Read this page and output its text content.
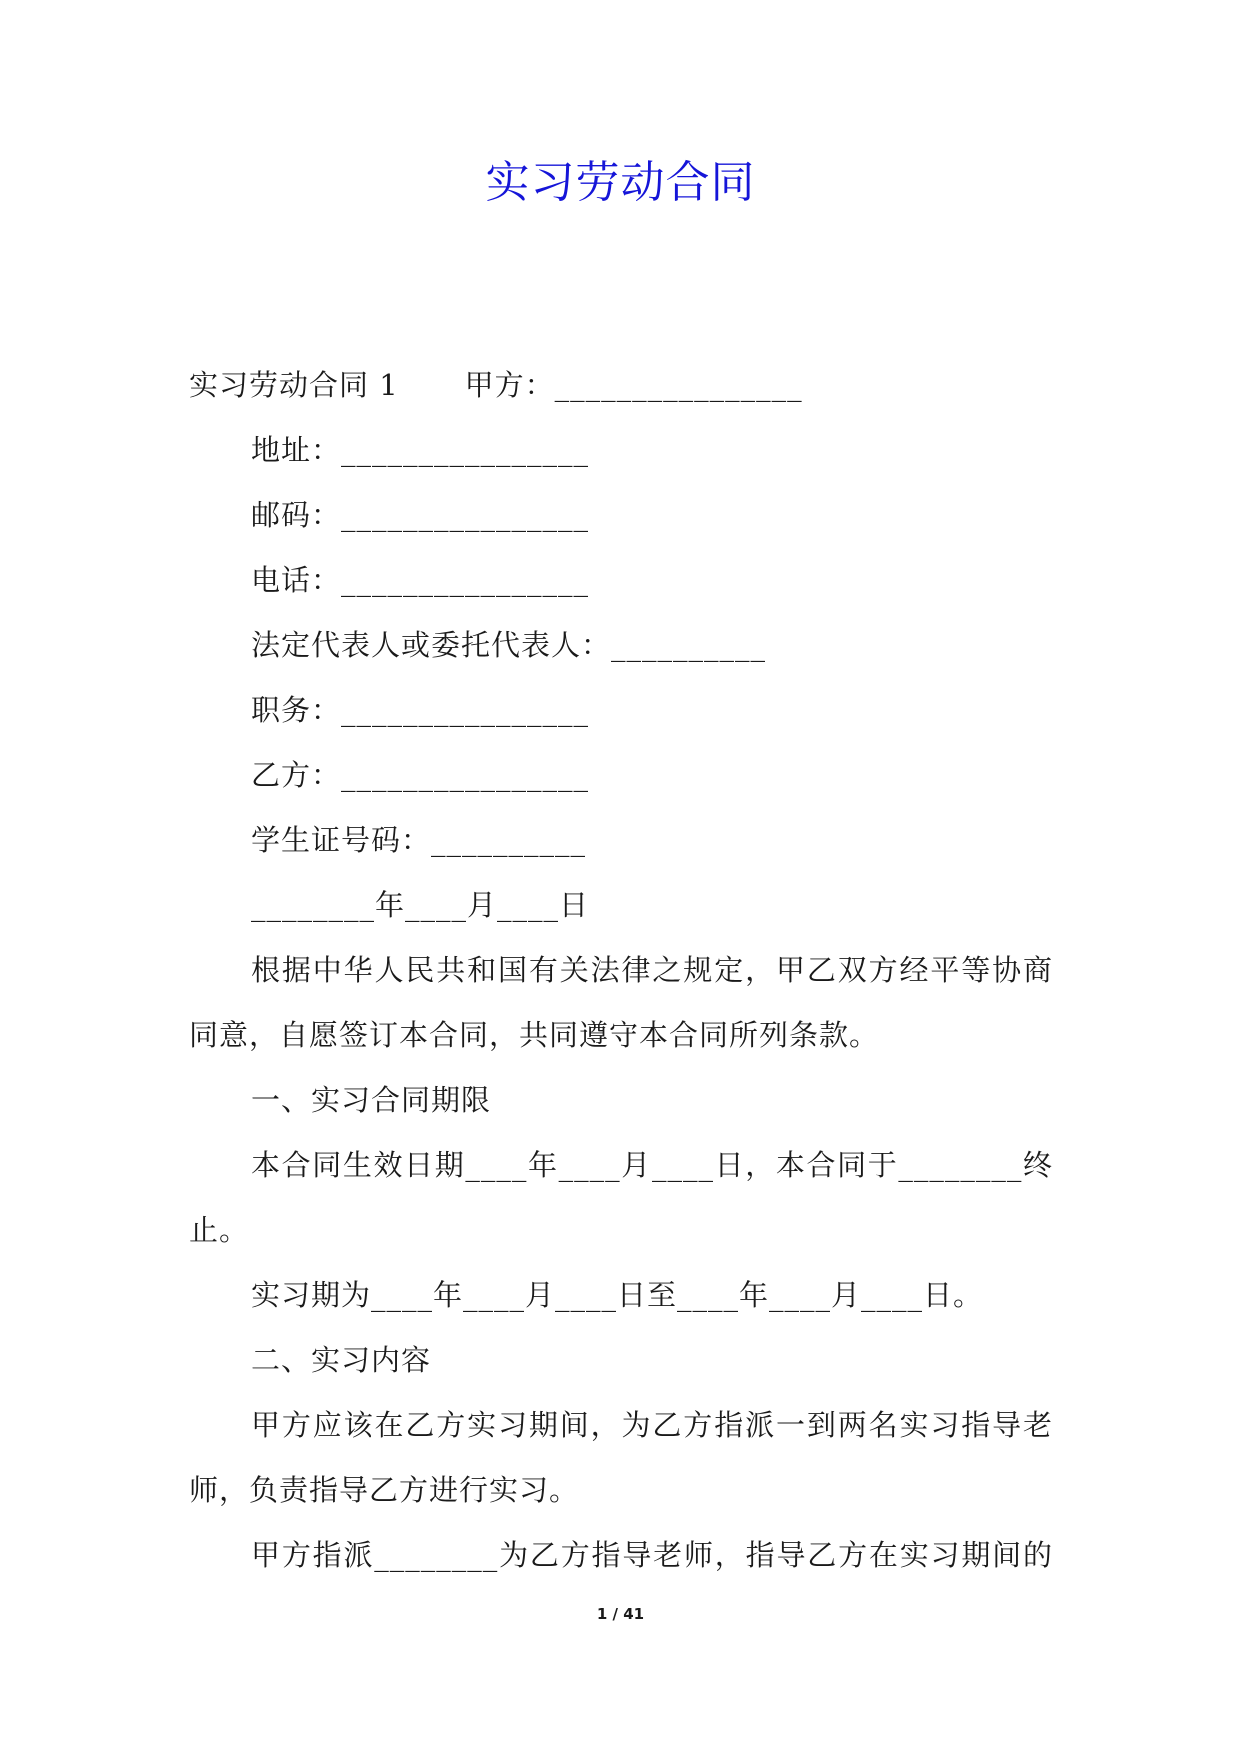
实习劳动合同
实习劳动合同 1 甲方：________________
地址：________________
邮码：________________
电话：________________
法定代表人或委托代表人：__________
职务：________________
乙方：________________
学生证号码：__________
________年____月____日
根据中华人民共和国有关法律之规定，甲乙双方经平等协商
同意，自愿签订本合同，共同遵守本合同所列条款。
一、实习合同期限
本合同生效日期____年____月____日，本合同于________终
止。
实习期为____年____月____日至____年____月____日。
二、实习内容
甲方应该在乙方实习期间，为乙方指派一到两名实习指导老
师，负责指导乙方进行实习。
甲方指派________为乙方指导老师，指导乙方在实习期间的
1 / 41
